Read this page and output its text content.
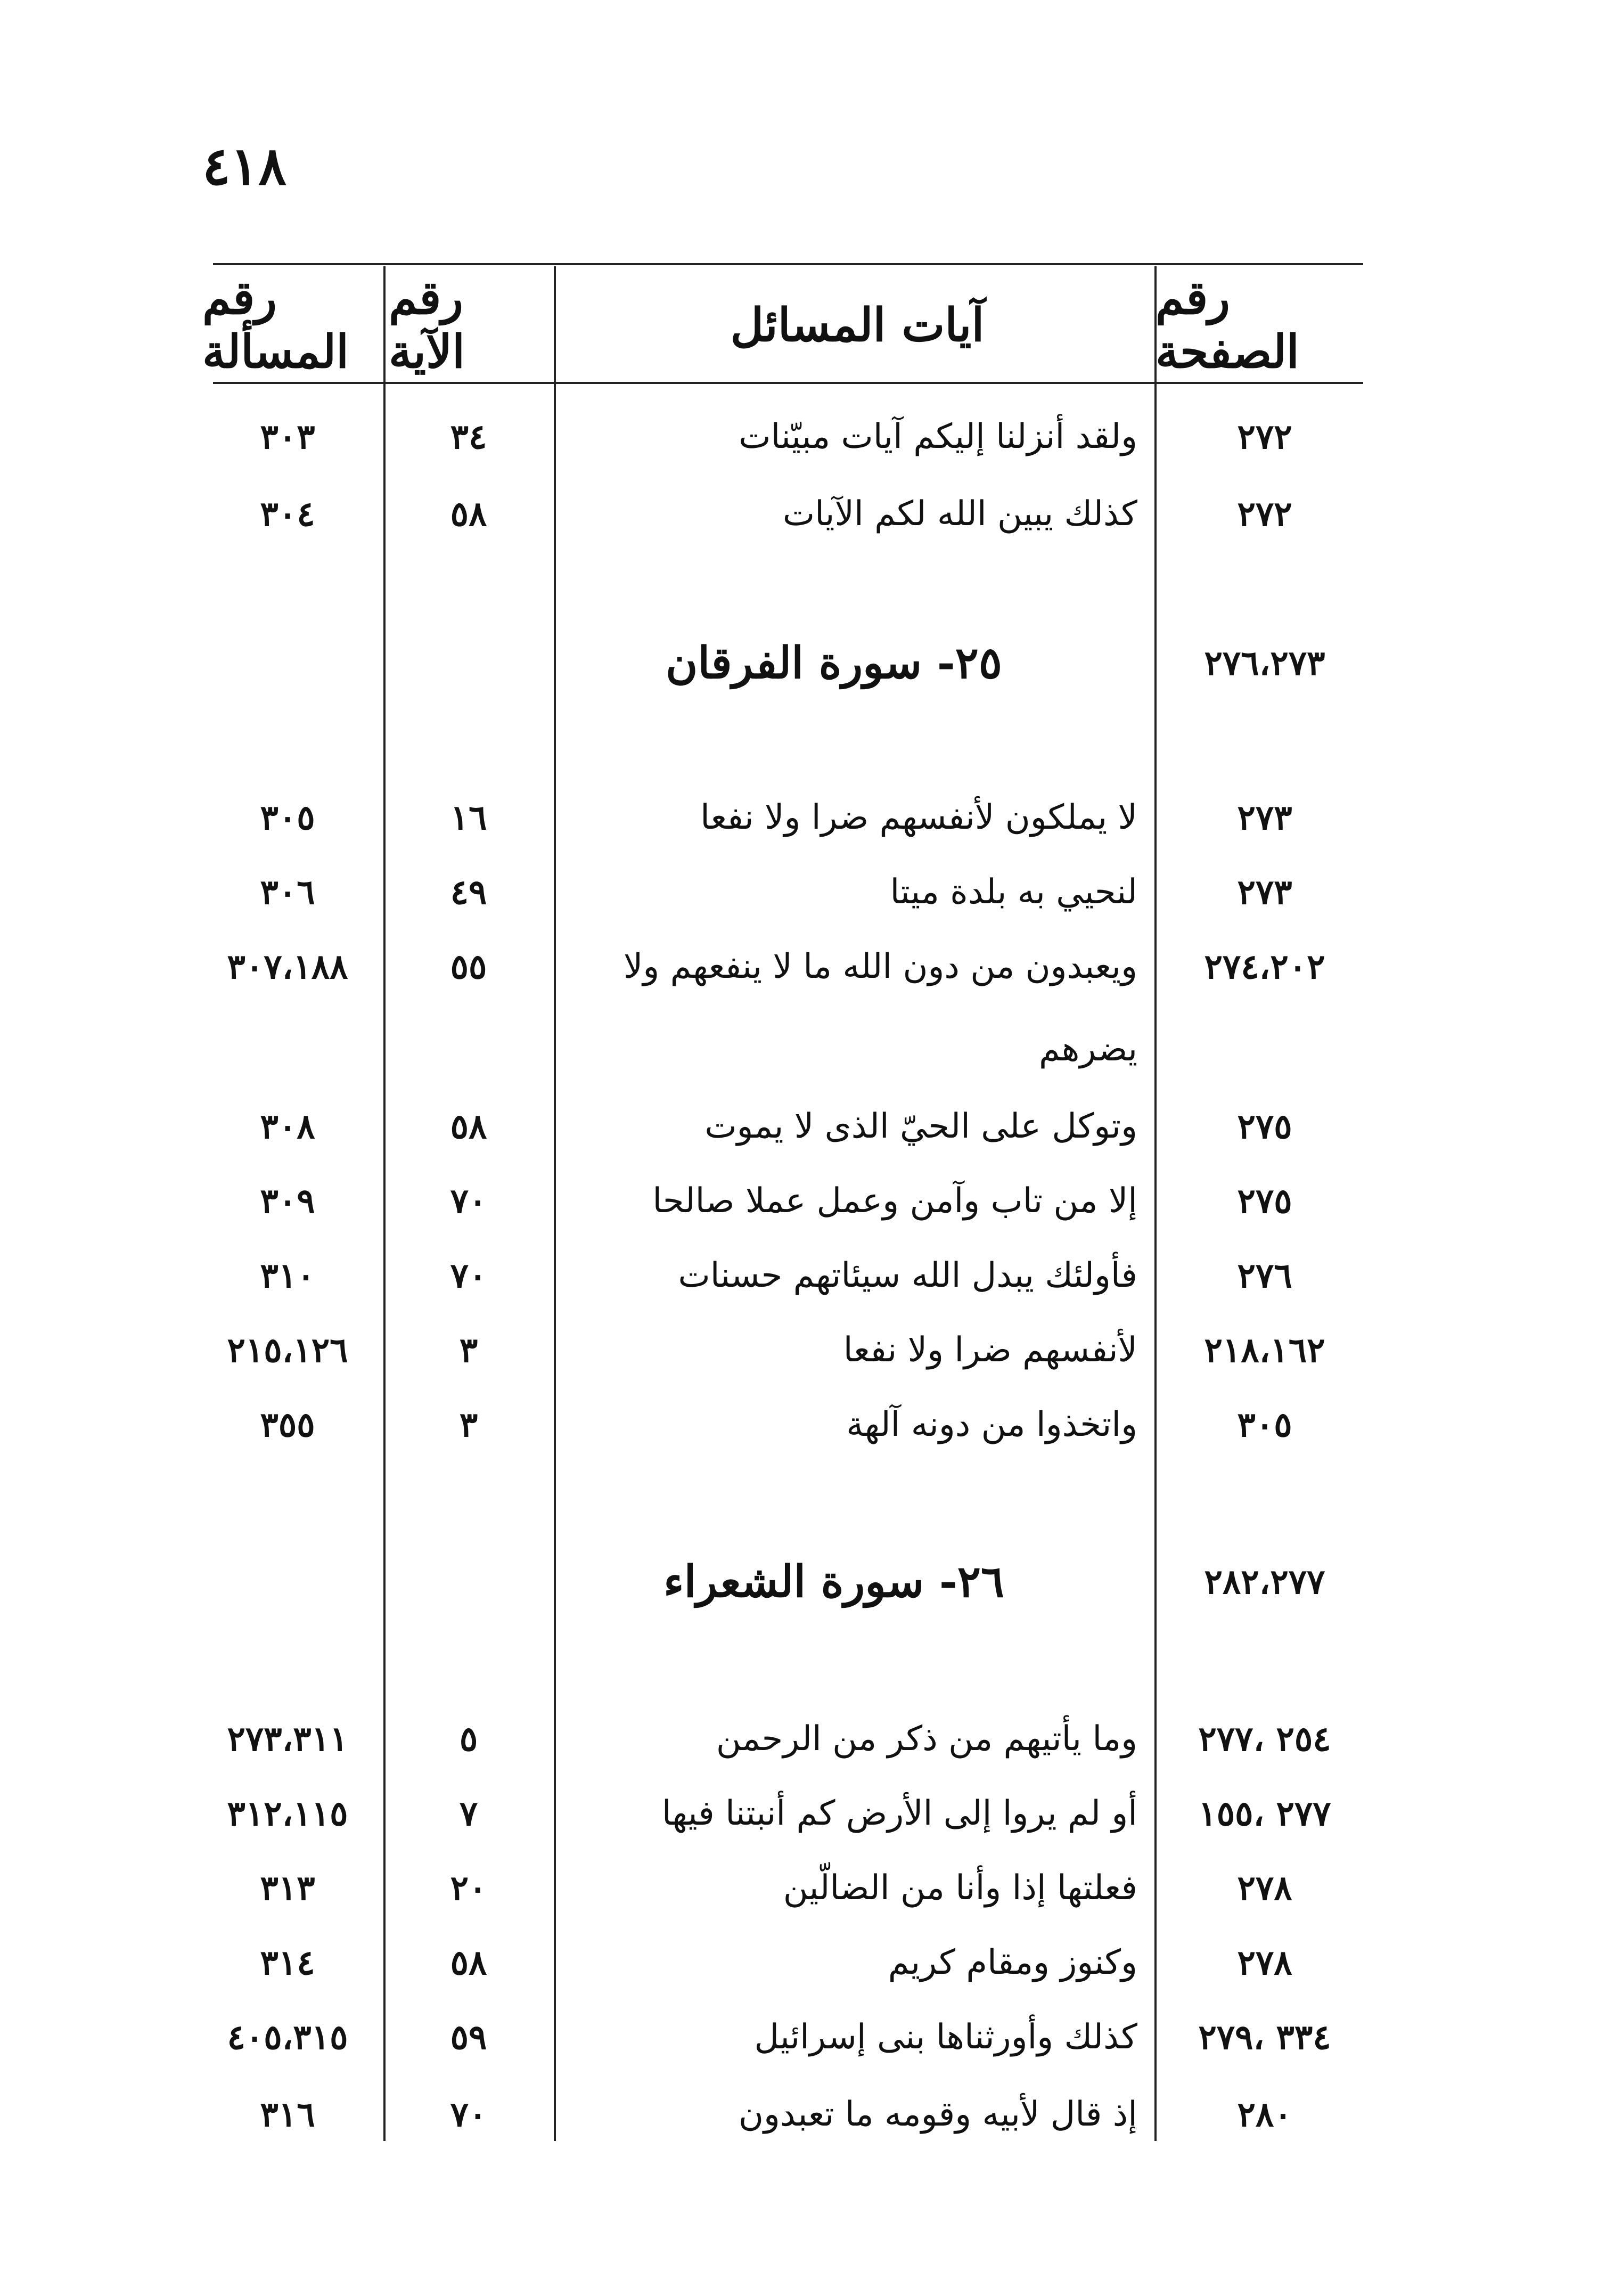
٤١٨
رقم الصفحة
آيات المسائل
رقم الآية
رقم المسألة
٢٧٢
ولقد أنزلنا إليكم آيات مبيّنات
٣٤
٣٠٣
٢٧٢
كذلك يبين الله لكم الآيات
٥٨
٣٠٤
٢٧٦،٢٧٣
٢٥- سورة الفرقان
٢٧٣
لا يملكون لأنفسهم ضرا ولا نفعا
١٦
٣٠٥
٢٧٣
لنحيي به بلدة ميتا
٤٩
٣٠٦
٢٧٤،٢٠٢
ويعبدون من دون الله ما لا ينفعهم ولا
٥٥
٣٠٧،١٨٨
يضرهم
٢٧٥
وتوكل على الحيّ الذى لا يموت
٥٨
٣٠٨
٢٧٥
إلا من تاب وآمن وعمل عملا صالحا
٧٠
٣٠٩
٢٧٦
فأولئك يبدل الله سيئاتهم حسنات
٧٠
٣١٠
٢١٨،١٦٢
لأنفسهم ضرا ولا نفعا
٣
٢١٥،١٢٦
٣٠٥
واتخذوا من دونه آلهة
٣
٣٥٥
٢٨٢،٢٧٧
٢٦- سورة الشعراء
٢٥٤ ،٢٧٧
وما يأتيهم من ذكر من الرحمن
٥
٢٧٣،٣١١
٢٧٧ ،١٥٥
أو لم يروا إلى الأرض كم أنبتنا فيها
٧
٣١٢،١١٥
٢٧٨
فعلتها إذا وأنا من الضالّين
٢٠
٣١٣
٢٧٨
وكنوز ومقام كريم
٥٨
٣١٤
٣٣٤ ،٢٧٩
كذلك وأورثناها بنى إسرائيل
٥٩
٤٠٥،٣١٥
٢٨٠
إذ قال لأبيه وقومه ما تعبدون
٧٠
٣١٦
